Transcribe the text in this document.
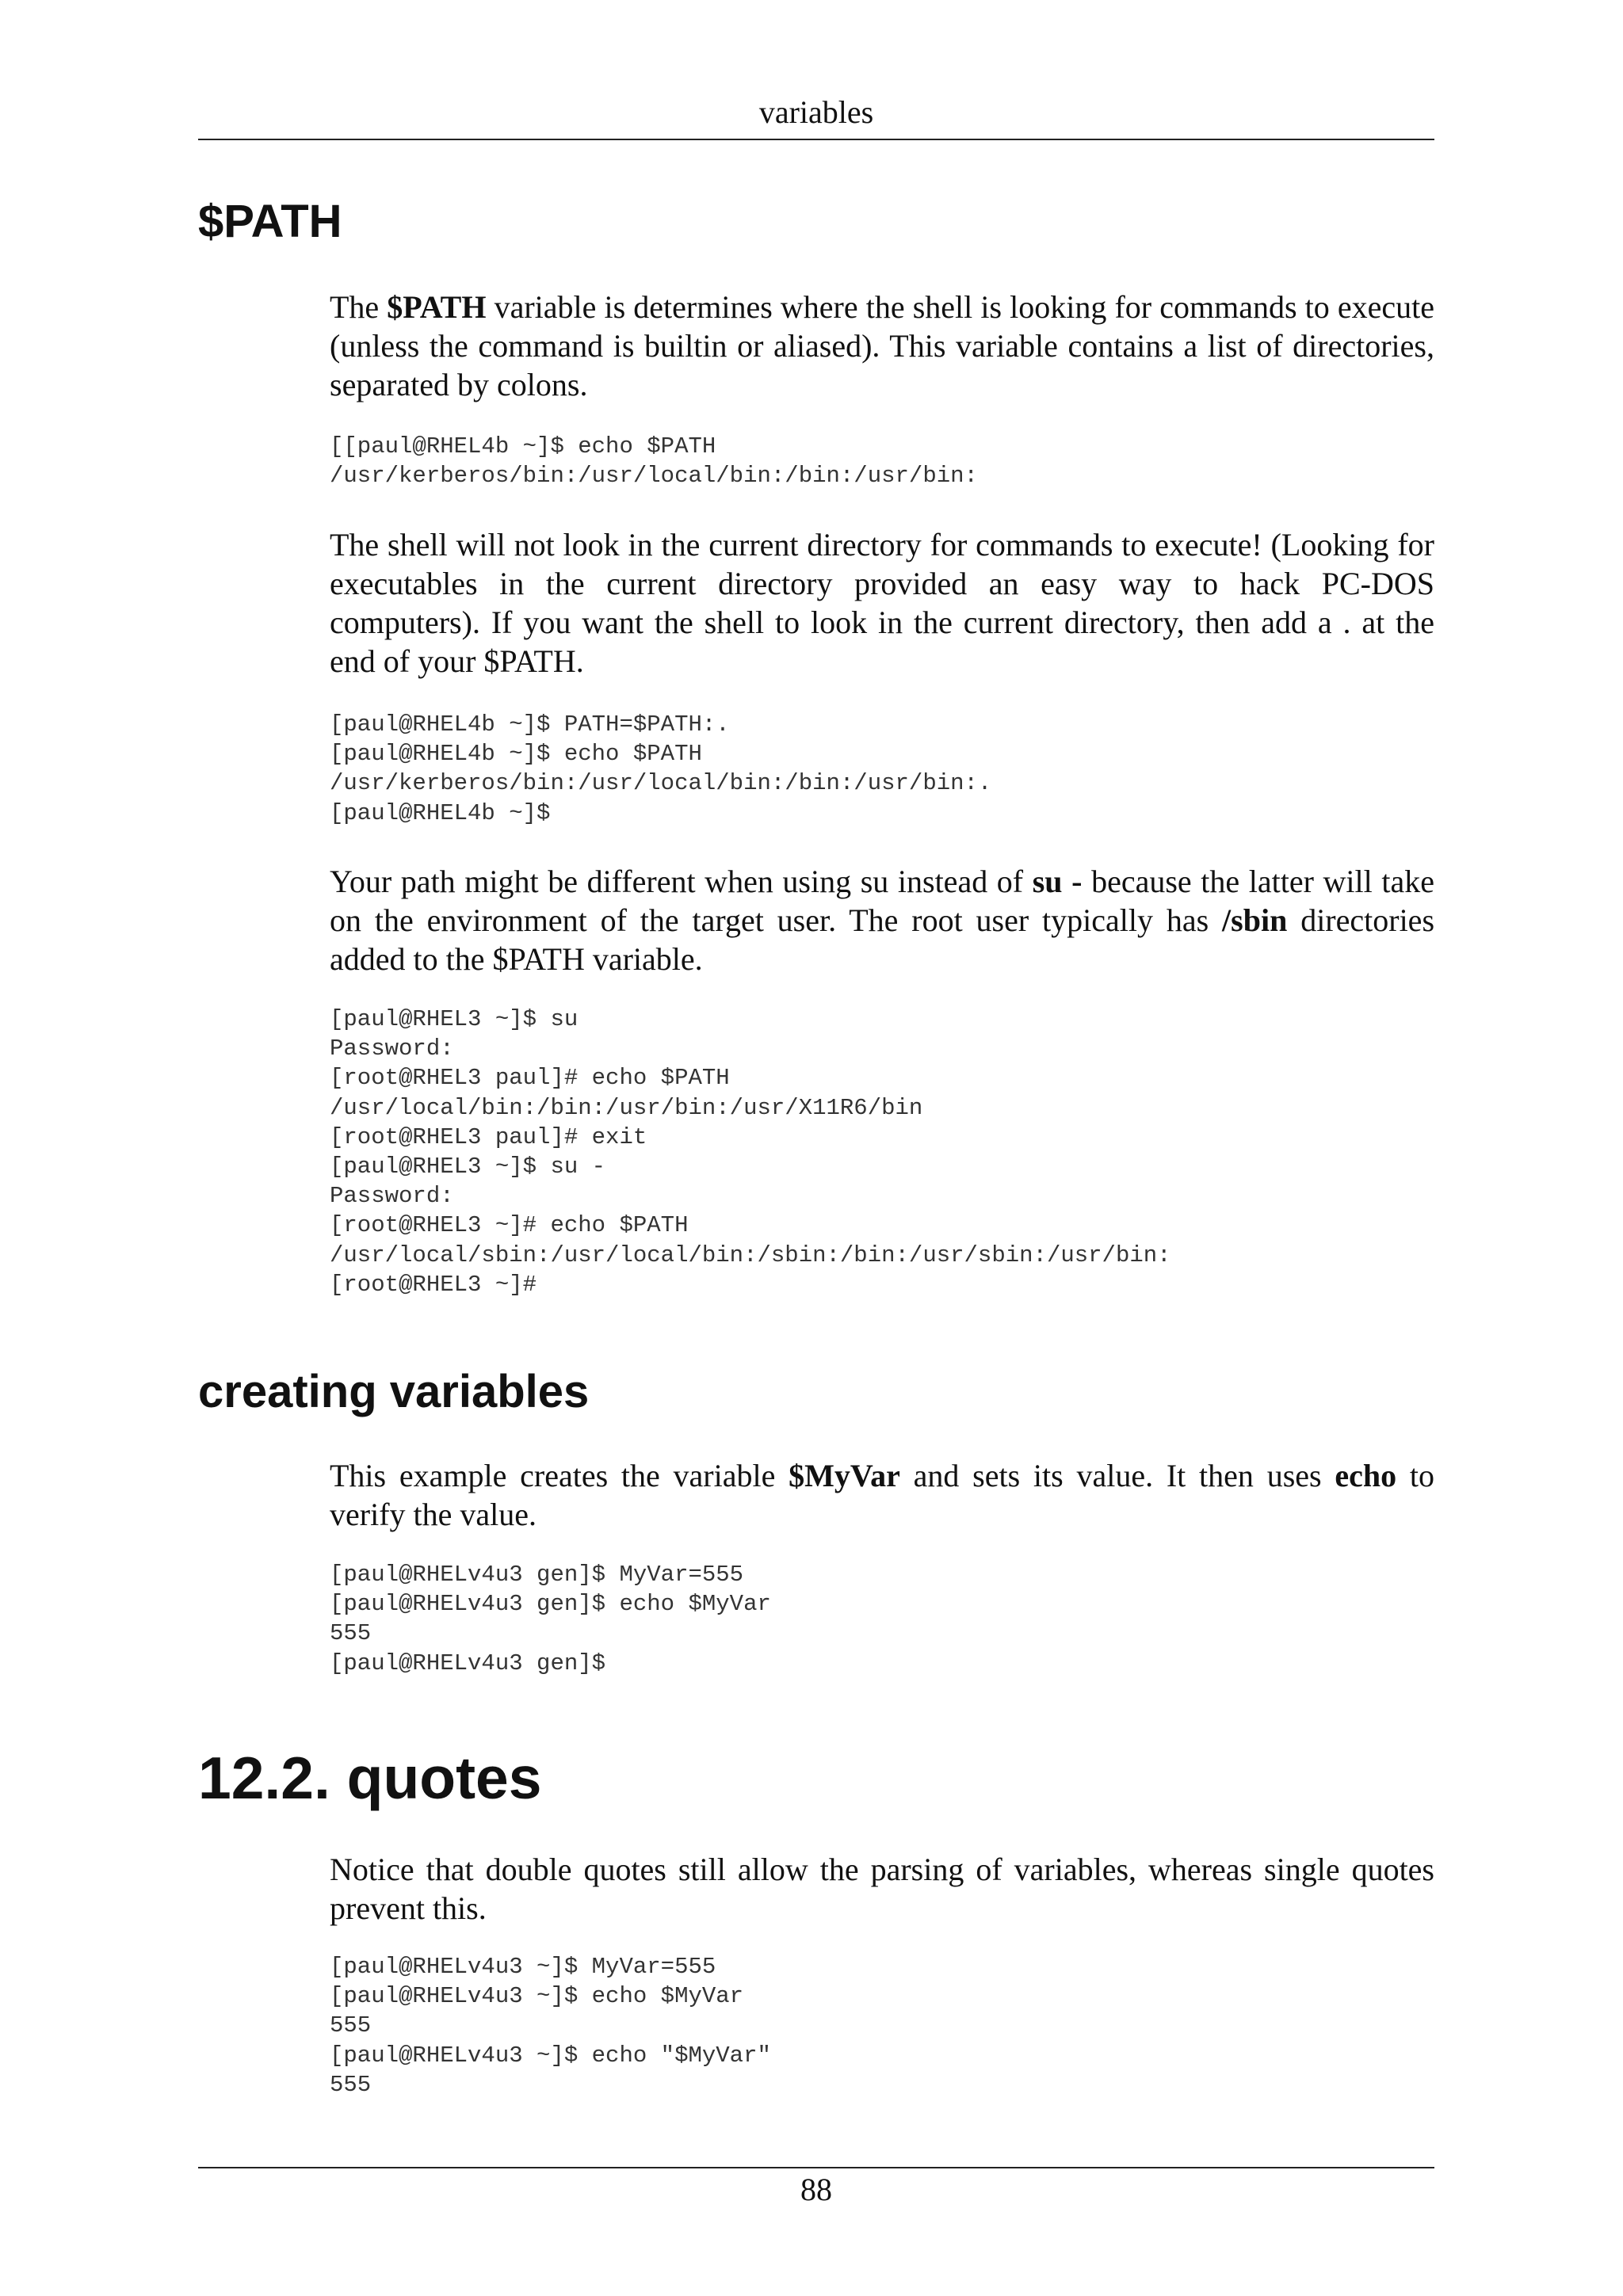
variables
$PATH

The $PATH variable is determines where the shell is looking for commands to execute (unless the command is builtin or aliased). This variable contains a list of directories, separated by colons.

[[paul@RHEL4b ~]$ echo $PATH
/usr/kerberos/bin:/usr/local/bin:/bin:/usr/bin:

The shell will not look in the current directory for commands to execute! (Looking for executables in the current directory provided an easy way to hack PC-DOS computers). If you want the shell to look in the current directory, then add a . at the end of your $PATH.

[paul@RHEL4b ~]$ PATH=$PATH:.
[paul@RHEL4b ~]$ echo $PATH
/usr/kerberos/bin:/usr/local/bin:/bin:/usr/bin:.
[paul@RHEL4b ~]$

Your path might be different when using su instead of su - because the latter will take on the environment of the target user. The root user typically has /sbin directories added to the $PATH variable.

[paul@RHEL3 ~]$ su
Password:
[root@RHEL3 paul]# echo $PATH
/usr/local/bin:/bin:/usr/bin:/usr/X11R6/bin
[root@RHEL3 paul]# exit
[paul@RHEL3 ~]$ su -
Password:
[root@RHEL3 ~]# echo $PATH
/usr/local/sbin:/usr/local/bin:/sbin:/bin:/usr/sbin:/usr/bin:
[root@RHEL3 ~]#
creating variables

This example creates the variable $MyVar and sets its value. It then uses echo to verify the value.

[paul@RHELv4u3 gen]$ MyVar=555
[paul@RHELv4u3 gen]$ echo $MyVar
555
[paul@RHELv4u3 gen]$
12.2. quotes

Notice that double quotes still allow the parsing of variables, whereas single quotes prevent this.

[paul@RHELv4u3 ~]$ MyVar=555
[paul@RHELv4u3 ~]$ echo $MyVar
555
[paul@RHELv4u3 ~]$ echo "$MyVar"
555
88
